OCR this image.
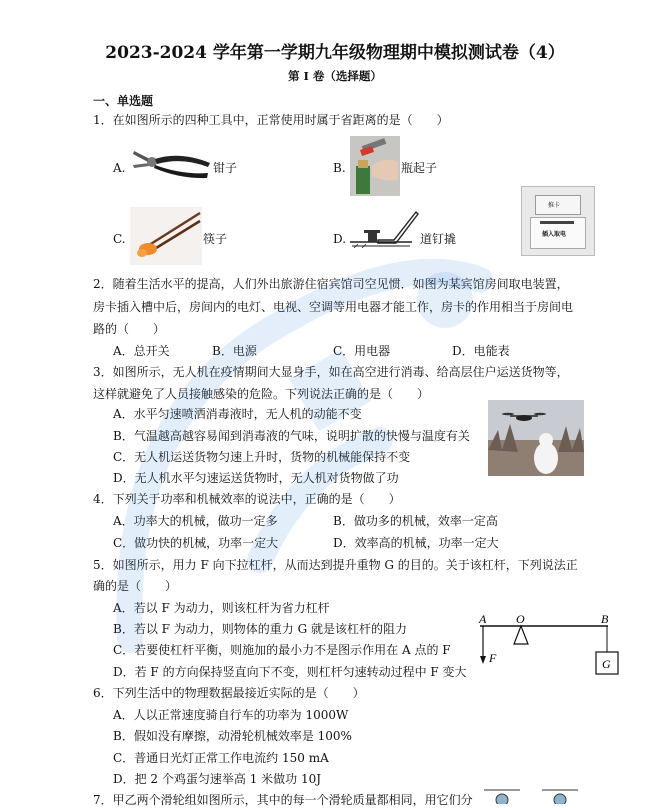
2023-2024 学年第一学期九年级物理期中模拟测试卷（4）
第 I 卷（选择题）
一、单选题
1．在如图所示的四种工具中，正常使用时属于省距离的是（　　）
A.	钳子	B.	瓶起子
C.	筷子	D.	道钉撬
推卡
插入取电
2．随着生活水平的提高，人们外出旅游住宿宾馆司空见惯．如图为某宾馆房间取电装置，
房卡插入槽中后，房间内的电灯、电视、空调等用电器才能工作，房卡的作用相当于房间电
路的（　　）
A．总开关	B．电源	C．用电器	D．电能表
3．如图所示，无人机在疫情期间大显身手，如在高空进行消毒、给高层住户运送货物等，
这样就避免了人员接触感染的危险。下列说法正确的是（　　）
A．水平匀速喷洒消毒液时，无人机的动能不变
B．气温越高越容易闻到消毒液的气味，说明扩散的快慢与温度有关
C．无人机运送货物匀速上升时，货物的机械能保持不变
D．无人机水平匀速运送货物时，无人机对货物做了功
4．下列关于功率和机械效率的说法中，正确的是（　　）
A．功率大的机械，做功一定多	B．做功多的机械，效率一定高
C．做功快的机械，功率一定大	D．效率高的机械，功率一定大
5．如图所示，用力 F 向下拉杠杆，从而达到提升重物 G 的目的。关于该杠杆，下列说法正
确的是（　　）
A．若以 F 为动力，则该杠杆为省力杠杆
B．若以 F 为动力，则物体的重力 G 就是该杠杆的阻力
C．若要使杠杆平衡，则施加的最小力不是图示作用在 A 点的 F
D．若 F 的方向保持竖直向下不变，则杠杆匀速转动过程中 F 变大
A O	B
F	G
6．下列生活中的物理数据最接近实际的是（　　）
A．人以正常速度骑自行车的功率为 1000W
B．假如没有摩擦，动滑轮机械效率是 100%
C．普通日光灯正常工作电流约 150 mA
D．把 2 个鸡蛋匀速举高 1 米做功 10J
7．甲乙两个滑轮组如图所示，其中的每一个滑轮质量都相同，用它们分
